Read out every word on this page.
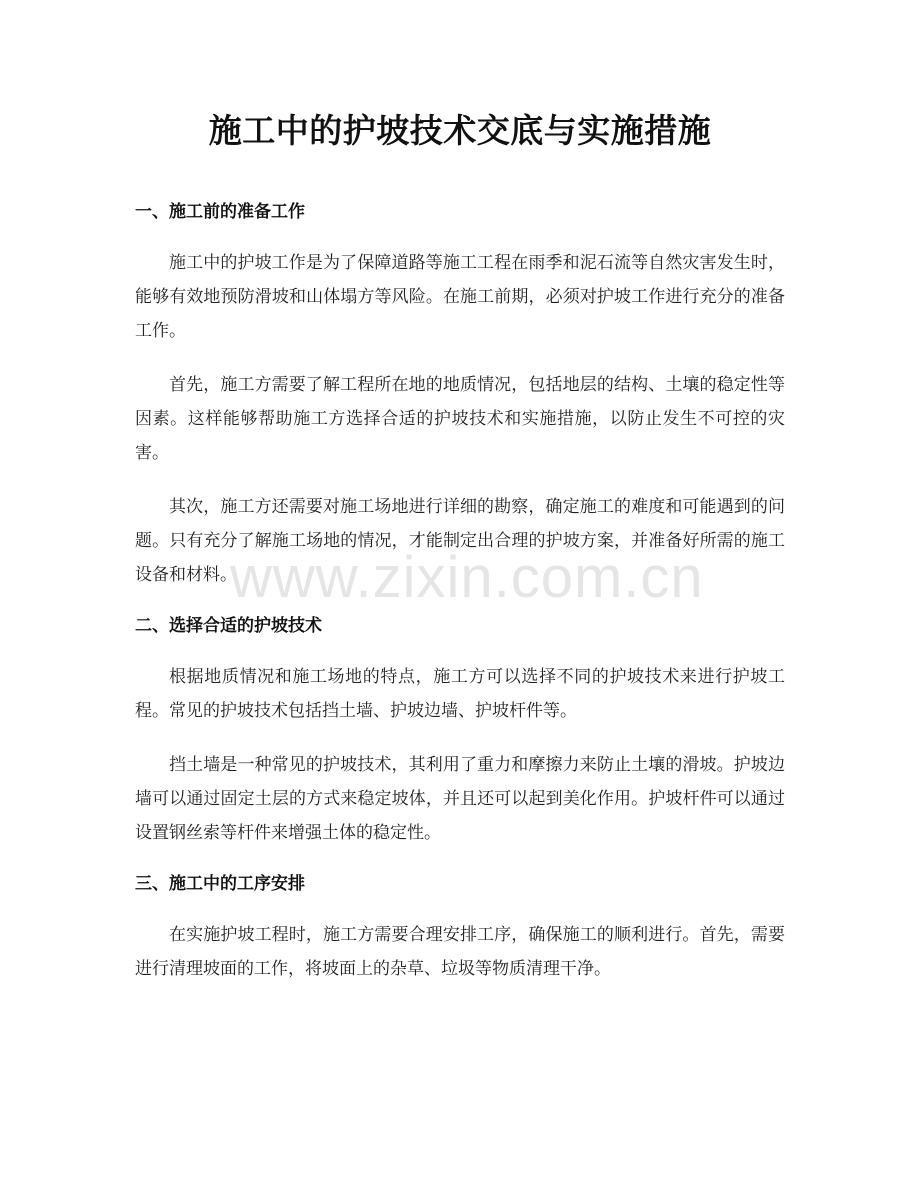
施工中的护坡技术交底与实施措施
一、施工前的准备工作

施工中的护坡工作是为了保障道路等施工工程在雨季和泥石流等自然灾害发生时，能够有效地预防滑坡和山体塌方等风险。在施工前期，必须对护坡工作进行充分的准备工作。

首先，施工方需要了解工程所在地的地质情况，包括地层的结构、土壤的稳定性等因素。这样能够帮助施工方选择合适的护坡技术和实施措施，以防止发生不可控的灾害。

其次，施工方还需要对施工场地进行详细的勘察，确定施工的难度和可能遇到的问题。只有充分了解施工场地的情况，才能制定出合理的护坡方案，并准备好所需的施工设备和材料。

二、选择合适的护坡技术

根据地质情况和施工场地的特点，施工方可以选择不同的护坡技术来进行护坡工程。常见的护坡技术包括挡土墙、护坡边墙、护坡杆件等。

挡土墙是一种常见的护坡技术，其利用了重力和摩擦力来防止土壤的滑坡。护坡边墙可以通过固定土层的方式来稳定坡体，并且还可以起到美化作用。护坡杆件可以通过设置钢丝索等杆件来增强土体的稳定性。

三、施工中的工序安排

在实施护坡工程时，施工方需要合理安排工序，确保施工的顺利进行。首先，需要进行清理坡面的工作，将坡面上的杂草、垃圾等物质清理干净。

www.zixin.com.cn
